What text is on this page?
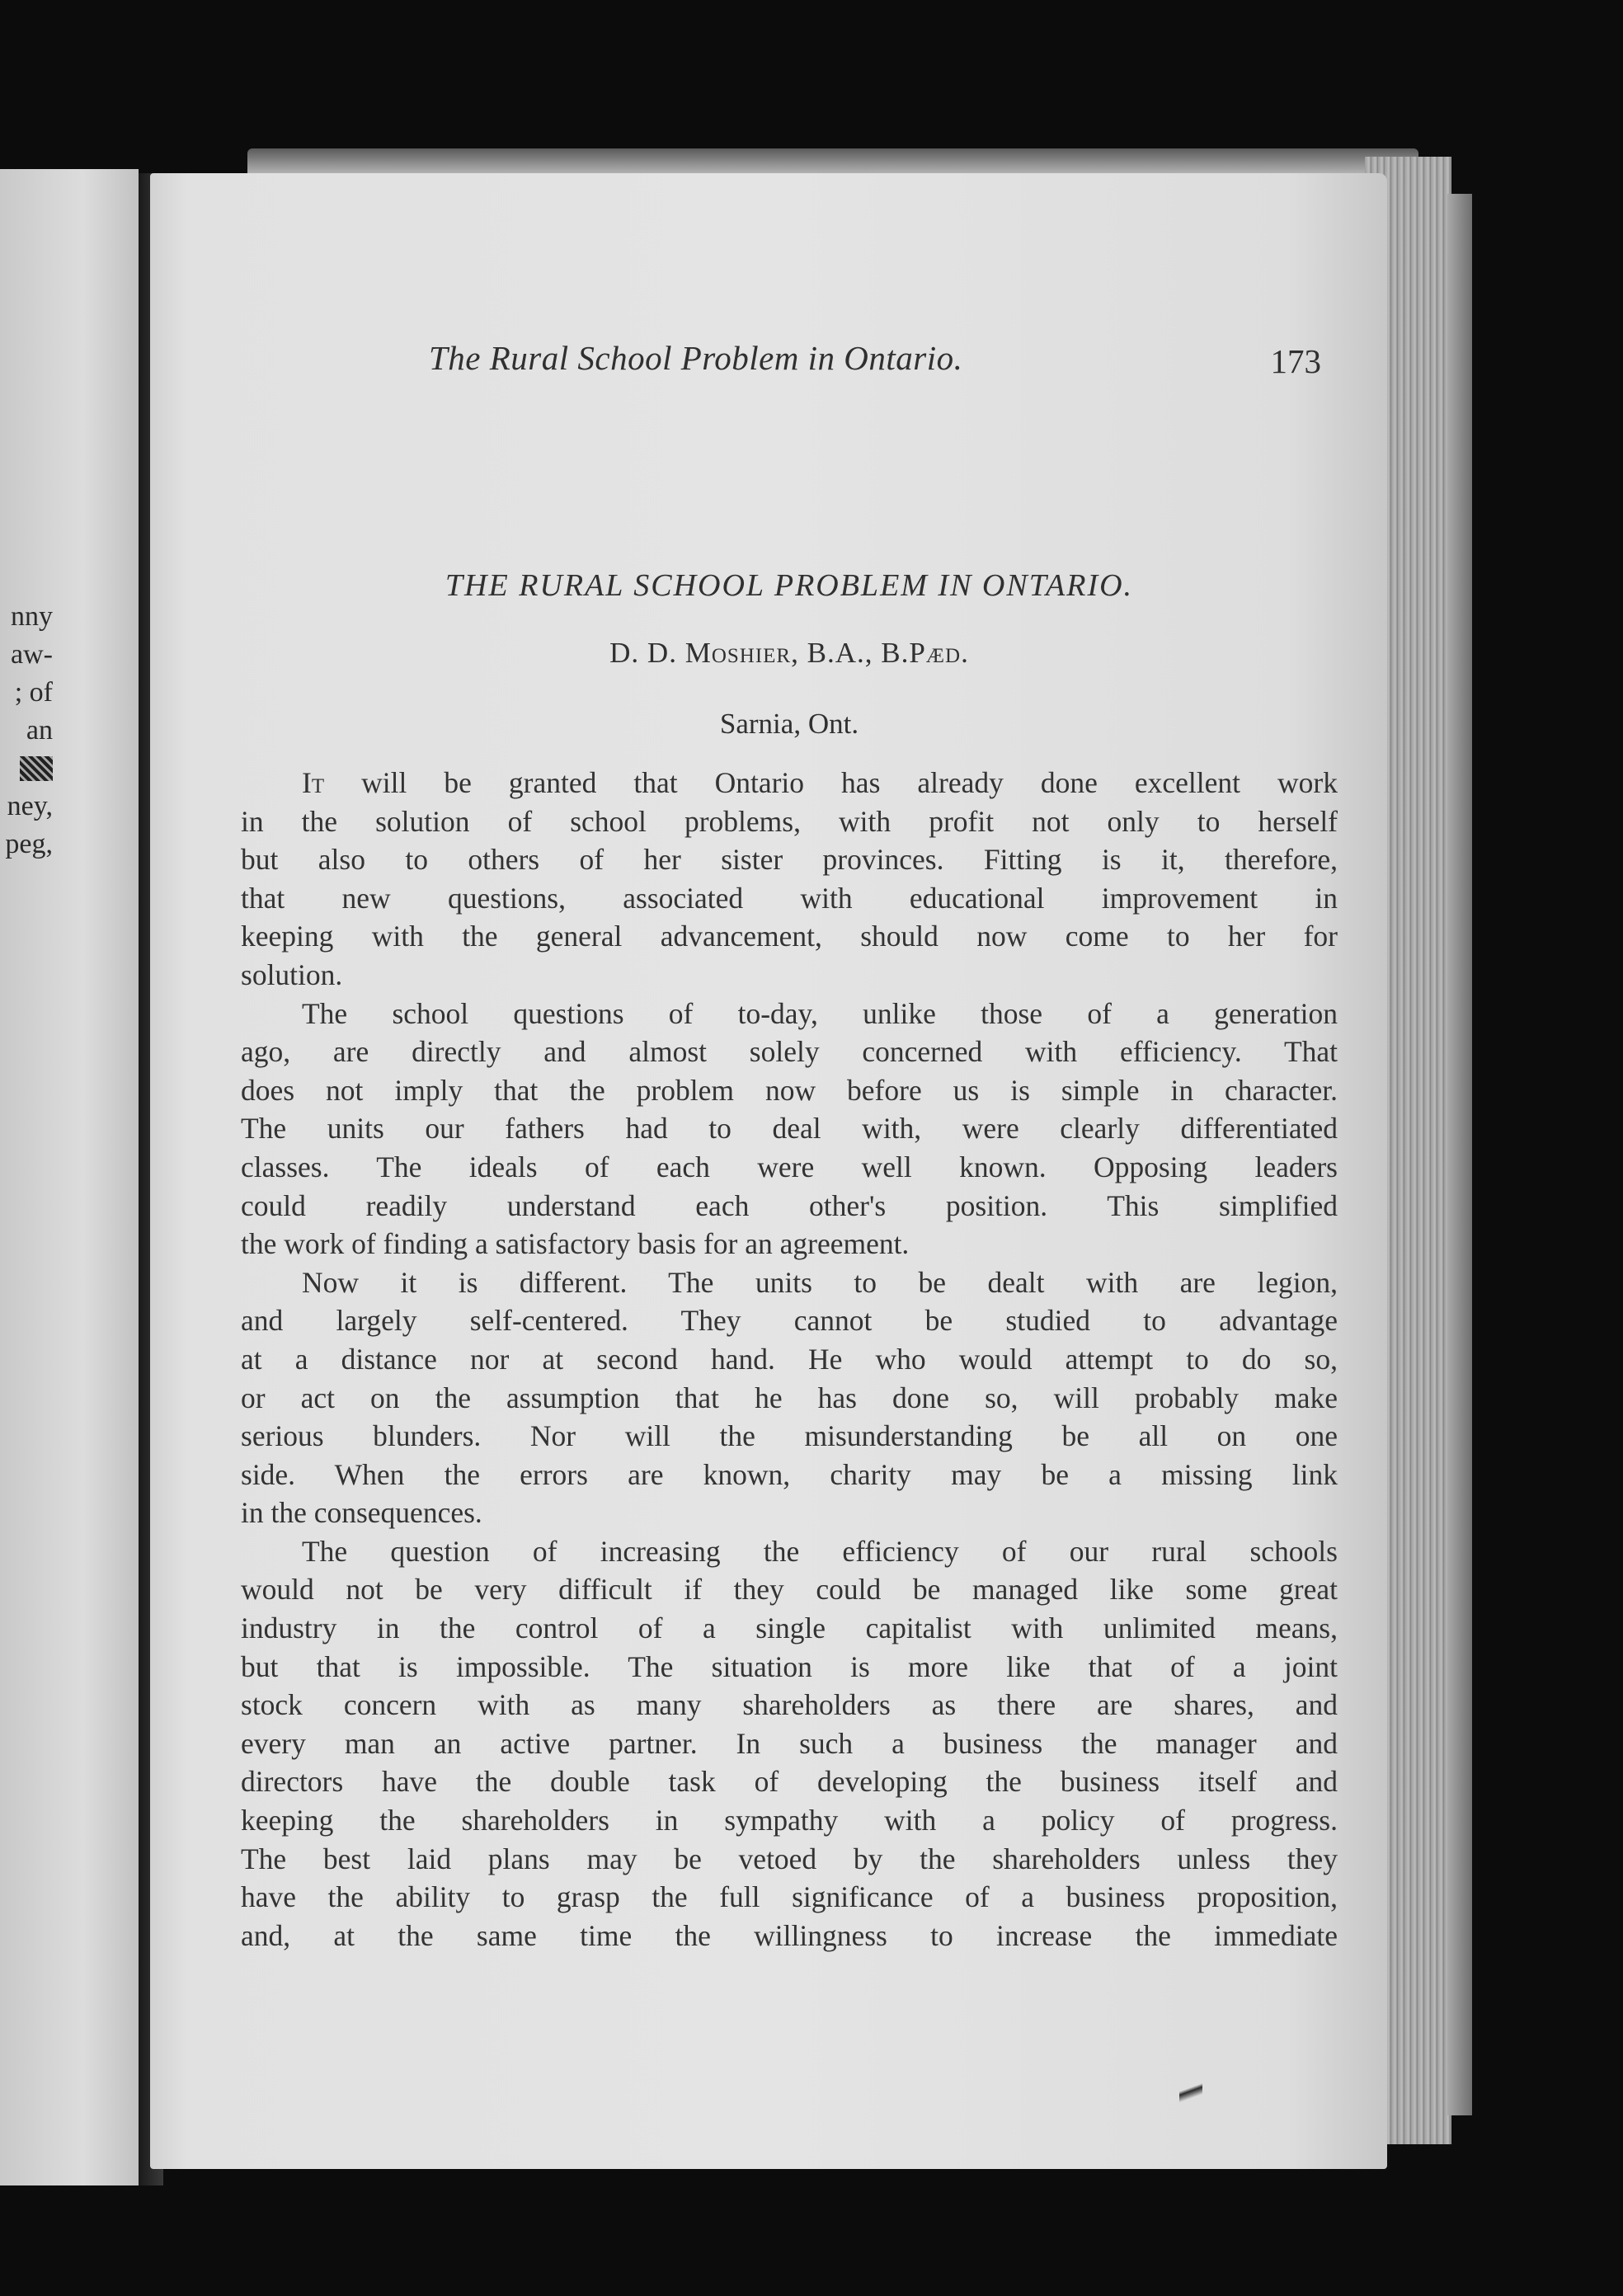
nny
aw-
; of
an
ney,
peg,
The Rural School Problem in Ontario.	173
THE RURAL SCHOOL PROBLEM IN ONTARIO.
D. D. Moshier, B.A., B.Pæd.
Sarnia, Ont.
It will be granted that Ontario has already done excellent work
in the solution of school problems, with profit not only to herself
but also to others of her sister provinces. Fitting is it, therefore,
that new questions, associated with educational improvement in
keeping with the general advancement, should now come to her for
solution.
The school questions of to-day, unlike those of a generation
ago, are directly and almost solely concerned with efficiency. That
does not imply that the problem now before us is simple in character.
The units our fathers had to deal with, were clearly differentiated
classes. The ideals of each were well known. Opposing leaders
could readily understand each other's position. This simplified
the work of finding a satisfactory basis for an agreement.
Now it is different. The units to be dealt with are legion,
and largely self-centered. They cannot be studied to advantage
at a distance nor at second hand. He who would attempt to do so,
or act on the assumption that he has done so, will probably make
serious blunders. Nor will the misunderstanding be all on one
side. When the errors are known, charity may be a missing link
in the consequences.
The question of increasing the efficiency of our rural schools
would not be very difficult if they could be managed like some great
industry in the control of a single capitalist with unlimited means,
but that is impossible. The situation is more like that of a joint
stock concern with as many shareholders as there are shares, and
every man an active partner. In such a business the manager and
directors have the double task of developing the business itself and
keeping the shareholders in sympathy with a policy of progress.
The best laid plans may be vetoed by the shareholders unless they
have the ability to grasp the full significance of a business proposition,
and, at the same time the willingness to increase the immediate
